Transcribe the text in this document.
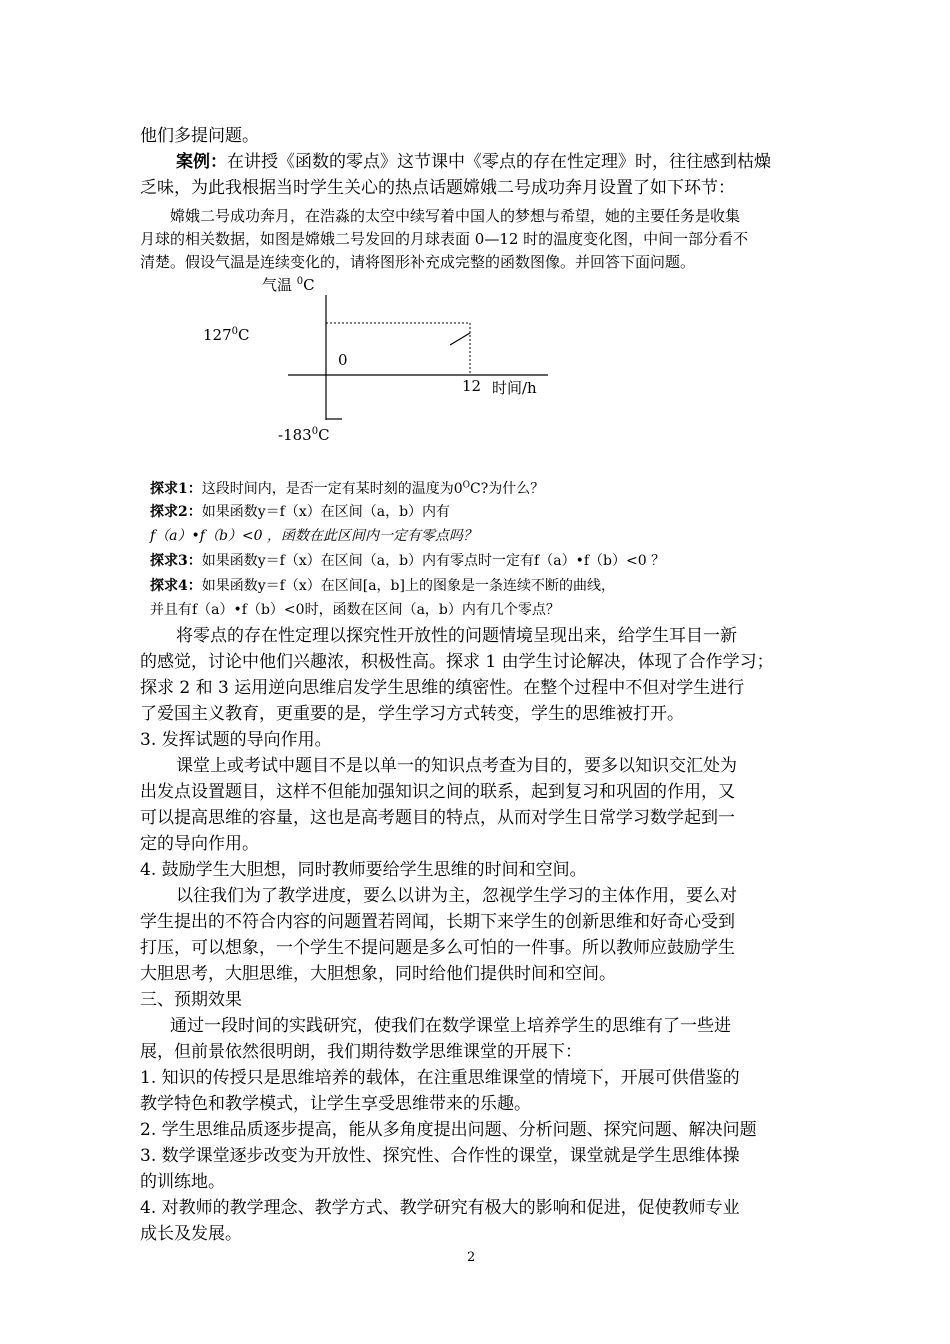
他们多提问题。
案例：在讲授《函数的零点》这节课中《零点的存在性定理》时，往往感到枯燥
乏味，为此我根据当时学生关心的热点话题嫦娥二号成功奔月设置了如下环节：
嫦娥二号成功奔月，在浩淼的太空中续写着中国人的梦想与希望，她的主要任务是收集
月球的相关数据，如图是嫦娥二号发回的月球表面 0—12 时的温度变化图，中间一部分看不
清楚。假设气温是连续变化的，请将图形补充成完整的函数图像。并回答下面问题。
气温 $^0$C
$127^0C$
0
12 时间/h
$-183^0C$
探求1：这段时间内，是否一定有某时刻的温度为$0^OC$?为什么？
探求2：如果函数y＝f（x）在区间（a，b）内有
f（a）•f（b）<0 ，函数在此区间内一定有零点吗？
探求3：如果函数y＝f（x）在区间（a，b）内有零点时一定有f（a）•f（b）<0 ？
探求4：如果函数y＝f（x）在区间[a，b]上的图象是一条连续不断的曲线，
并且有f（a）•f（b）<0时，函数在区间（a，b）内有几个零点？
将零点的存在性定理以探究性开放性的问题情境呈现出来，给学生耳目一新
的感觉，讨论中他们兴趣浓，积极性高。探求 1 由学生讨论解决，体现了合作学习；
探求 2 和 3 运用逆向思维启发学生思维的缜密性。在整个过程中不但对学生进行
了爱国主义教育，更重要的是，学生学习方式转变，学生的思维被打开。
3. 发挥试题的导向作用。
课堂上或考试中题目不是以单一的知识点考查为目的，要多以知识交汇处为
出发点设置题目，这样不但能加强知识之间的联系，起到复习和巩固的作用，又
可以提高思维的容量，这也是高考题目的特点，从而对学生日常学习数学起到一
定的导向作用。
4. 鼓励学生大胆想，同时教师要给学生思维的时间和空间。
以往我们为了教学进度，要么以讲为主，忽视学生学习的主体作用，要么对
学生提出的不符合内容的问题置若罔闻，长期下来学生的创新思维和好奇心受到
打压，可以想象，一个学生不提问题是多么可怕的一件事。所以教师应鼓励学生
大胆思考，大胆思维，大胆想象，同时给他们提供时间和空间。
三、预期效果
通过一段时间的实践研究，使我们在数学课堂上培养学生的思维有了一些进
展，但前景依然很明朗，我们期待数学思维课堂的开展下：
1. 知识的传授只是思维培养的载体，在注重思维课堂的情境下，开展可供借鉴的
教学特色和教学模式，让学生享受思维带来的乐趣。
2. 学生思维品质逐步提高，能从多角度提出问题、分析问题、探究问题、解决问题
3. 数学课堂逐步改变为开放性、探究性、合作性的课堂，课堂就是学生思维体操
的训练地。
4. 对教师的教学理念、教学方式、教学研究有极大的影响和促进，促使教师专业
成长及发展。
2
